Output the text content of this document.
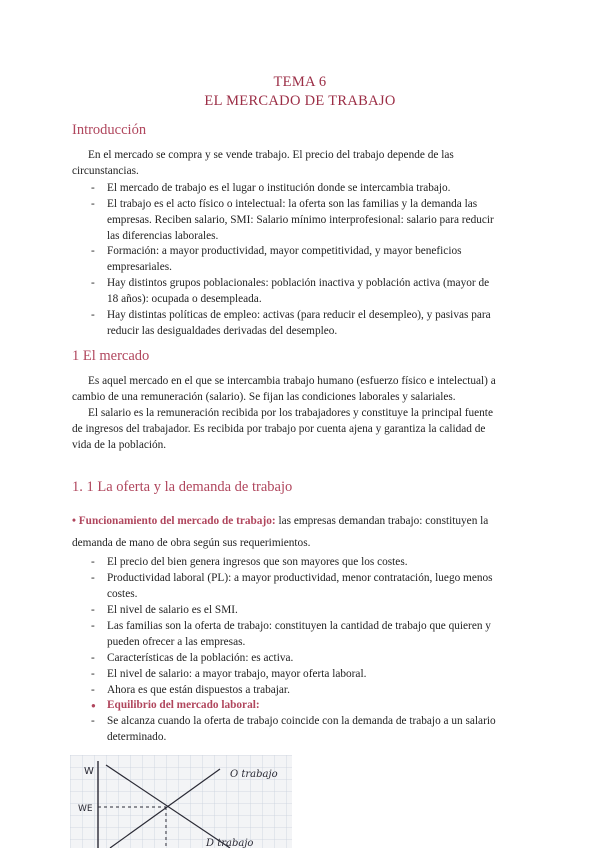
TEMA 6
EL MERCADO DE TRABAJO
Introducción
En el mercado se compra y se vende trabajo. El precio del trabajo depende de las
circunstancias.
- El mercado de trabajo es el lugar o institución donde se intercambia trabajo.
- El trabajo es el acto físico o intelectual: la oferta son las familias y la demanda las
empresas. Reciben salario, SMI: Salario mínimo interprofesional: salario para reducir
las diferencias laborales.
- Formación: a mayor productividad, mayor competitividad, y mayor beneficios
empresariales.
- Hay distintos grupos poblacionales: población inactiva y población activa (mayor de
18 años): ocupada o desempleada.
- Hay distintas políticas de empleo: activas (para reducir el desempleo), y pasivas para
reducir las desigualdades derivadas del desempleo.
1 El mercado
Es aquel mercado en el que se intercambia trabajo humano (esfuerzo físico e intelectual) a
cambio de una remuneración (salario). Se fijan las condiciones laborales y salariales.
El salario es la remuneración recibida por los trabajadores y constituye la principal fuente
de ingresos del trabajador. Es recibida por trabajo por cuenta ajena y garantiza la calidad de
vida de la población.
1. 1 La oferta y la demanda de trabajo
• Funcionamiento del mercado de trabajo: las empresas demandan trabajo: constituyen la
demanda de mano de obra según sus requerimientos.
- El precio del bien genera ingresos que son mayores que los costes.
- Productividad laboral (PL): a mayor productividad, menor contratación, luego menos
costes.
- El nivel de salario es el SMI.
- Las familias son la oferta de trabajo: constituyen la cantidad de trabajo que quieren y
pueden ofrecer a las empresas.
- Características de la población: es activa.
- El nivel de salario: a mayor trabajo, mayor oferta laboral.
- Ahora es que están dispuestos a trabajar.
● Equilibrio del mercado laboral:
- Se alcanza cuando la oferta de trabajo coincide con la demanda de trabajo a un salario
determinado.
W
WE
O trabajo
D trabajo
